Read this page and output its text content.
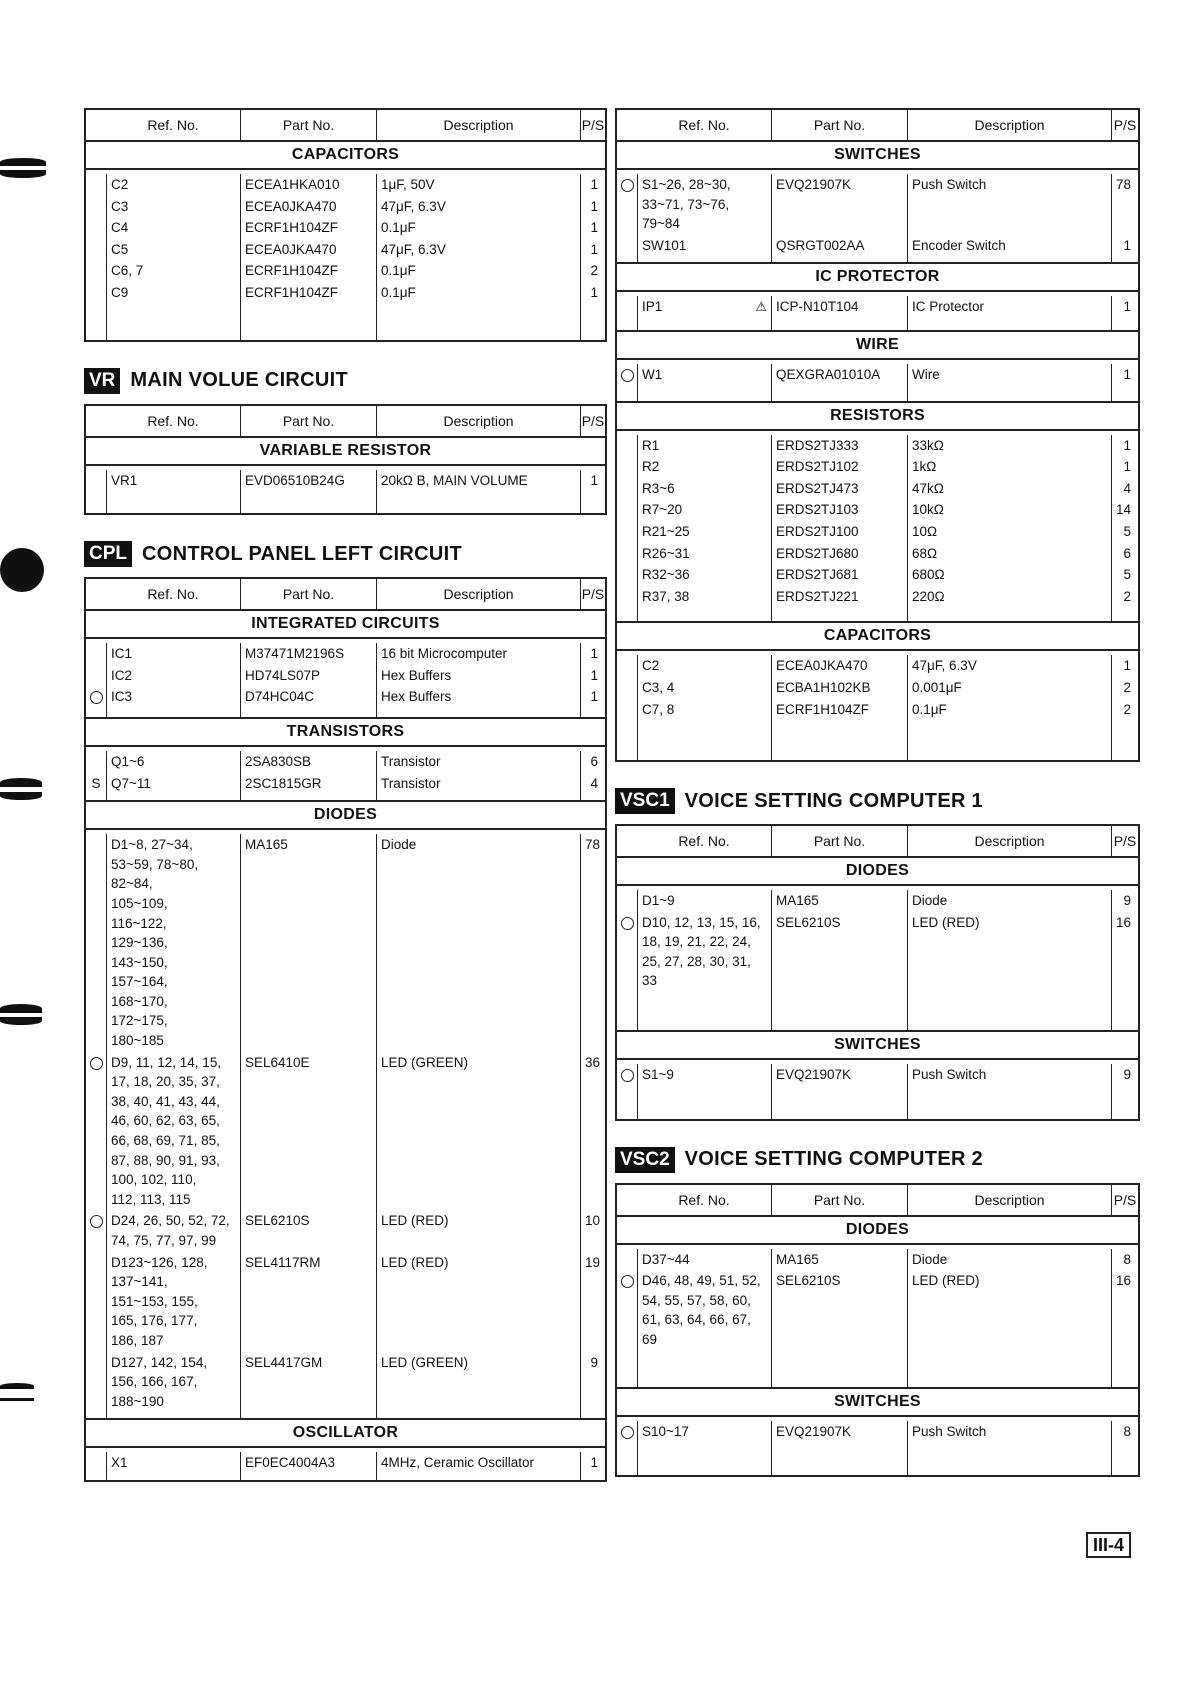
Ref. No.	Part No.	Description	P/S
CAPACITORS
C2	ECEA1HKA010	1μF, 50V	1
C3	ECEA0JKA470	47μF, 6.3V	1
C4	ECRF1H104ZF	0.1μF	1
C5	ECEA0JKA470	47μF, 6.3V	1
C6, 7	ECRF1H104ZF	0.1μF	2
C9	ECRF1H104ZF	0.1μF	1
VR MAIN VOLUE CIRCUIT
Ref. No.	Part No.	Description	P/S
VARIABLE RESISTOR
VR1	EVD06510B24G	20kΩ B, MAIN VOLUME	1
CPL CONTROL PANEL LEFT CIRCUIT
Ref. No.	Part No.	Description	P/S
INTEGRATED CIRCUITS
IC1	M37471M2196S	16 bit Microcomputer	1
IC2	HD74LS07P	Hex Buffers	1
IC3	D74HC04C	Hex Buffers	1
TRANSISTORS
Q1~6	2SA830SB	Transistor	6
S Q7~11	2SC1815GR	Transistor	4
DIODES
D1~8, 27~34,
53~59, 78~80,
82~84,
105~109,
116~122,
129~136,
143~150,
157~164,
168~170,
172~175,
180~185
MA165	Diode	78
D9, 11, 12, 14, 15,
17, 18, 20, 35, 37,
38, 40, 41, 43, 44,
46, 60, 62, 63, 65,
66, 68, 69, 71, 85,
87, 88, 90, 91, 93,
100, 102, 110,
112, 113, 115
SEL6410E	LED (GREEN)	36
D24, 26, 50, 52, 72,
74, 75, 77, 97, 99
SEL6210S	LED (RED)	10
D123~126, 128,
137~141,
151~153, 155,
165, 176, 177,
186, 187
SEL4117RM	LED (RED)	19
D127, 142, 154,
156, 166, 167,
188~190
SEL4417GM	LED (GREEN)	9
OSCILLATOR
X1	EF0EC4004A3	4MHz, Ceramic Oscillator	1
Ref. No.	Part No.	Description	P/S
SWITCHES
S1~26, 28~30,
33~71, 73~76,
79~84
EVQ21907K	Push Switch	78
SW101	QSRGT002AA	Encoder Switch	1
IC PROTECTOR
IP1	⚠ ICP-N10T104	IC Protector	1
WIRE
W1	QEXGRA01010A	Wire	1
RESISTORS
R1	ERDS2TJ333	33kΩ	1
R2	ERDS2TJ102	1kΩ	1
R3~6	ERDS2TJ473	47kΩ	4
R7~20	ERDS2TJ103	10kΩ	14
R21~25	ERDS2TJ100	10Ω	5
R26~31	ERDS2TJ680	68Ω	6
R32~36	ERDS2TJ681	680Ω	5
R37, 38	ERDS2TJ221	220Ω	2
CAPACITORS
C2	ECEA0JKA470	47μF, 6.3V	1
C3, 4	ECBA1H102KB	0.001μF	2
C7, 8	ECRF1H104ZF	0.1μF	2
VSC1 VOICE SETTING COMPUTER 1
Ref. No.	Part No.	Description	P/S
DIODES
D1~9	MA165	Diode	9
D10, 12, 13, 15, 16,
18, 19, 21, 22, 24,
25, 27, 28, 30, 31,
33
SEL6210S	LED (RED)	16
SWITCHES
S1~9	EVQ21907K	Push Switch	9
VSC2 VOICE SETTING COMPUTER 2
Ref. No.	Part No.	Description	P/S
DIODES
D37~44	MA165	Diode	8
D46, 48, 49, 51, 52,
54, 55, 57, 58, 60,
61, 63, 64, 66, 67,
69
SEL6210S	LED (RED)	16
SWITCHES
S10~17	EVQ21907K	Push Switch	8
III-4
